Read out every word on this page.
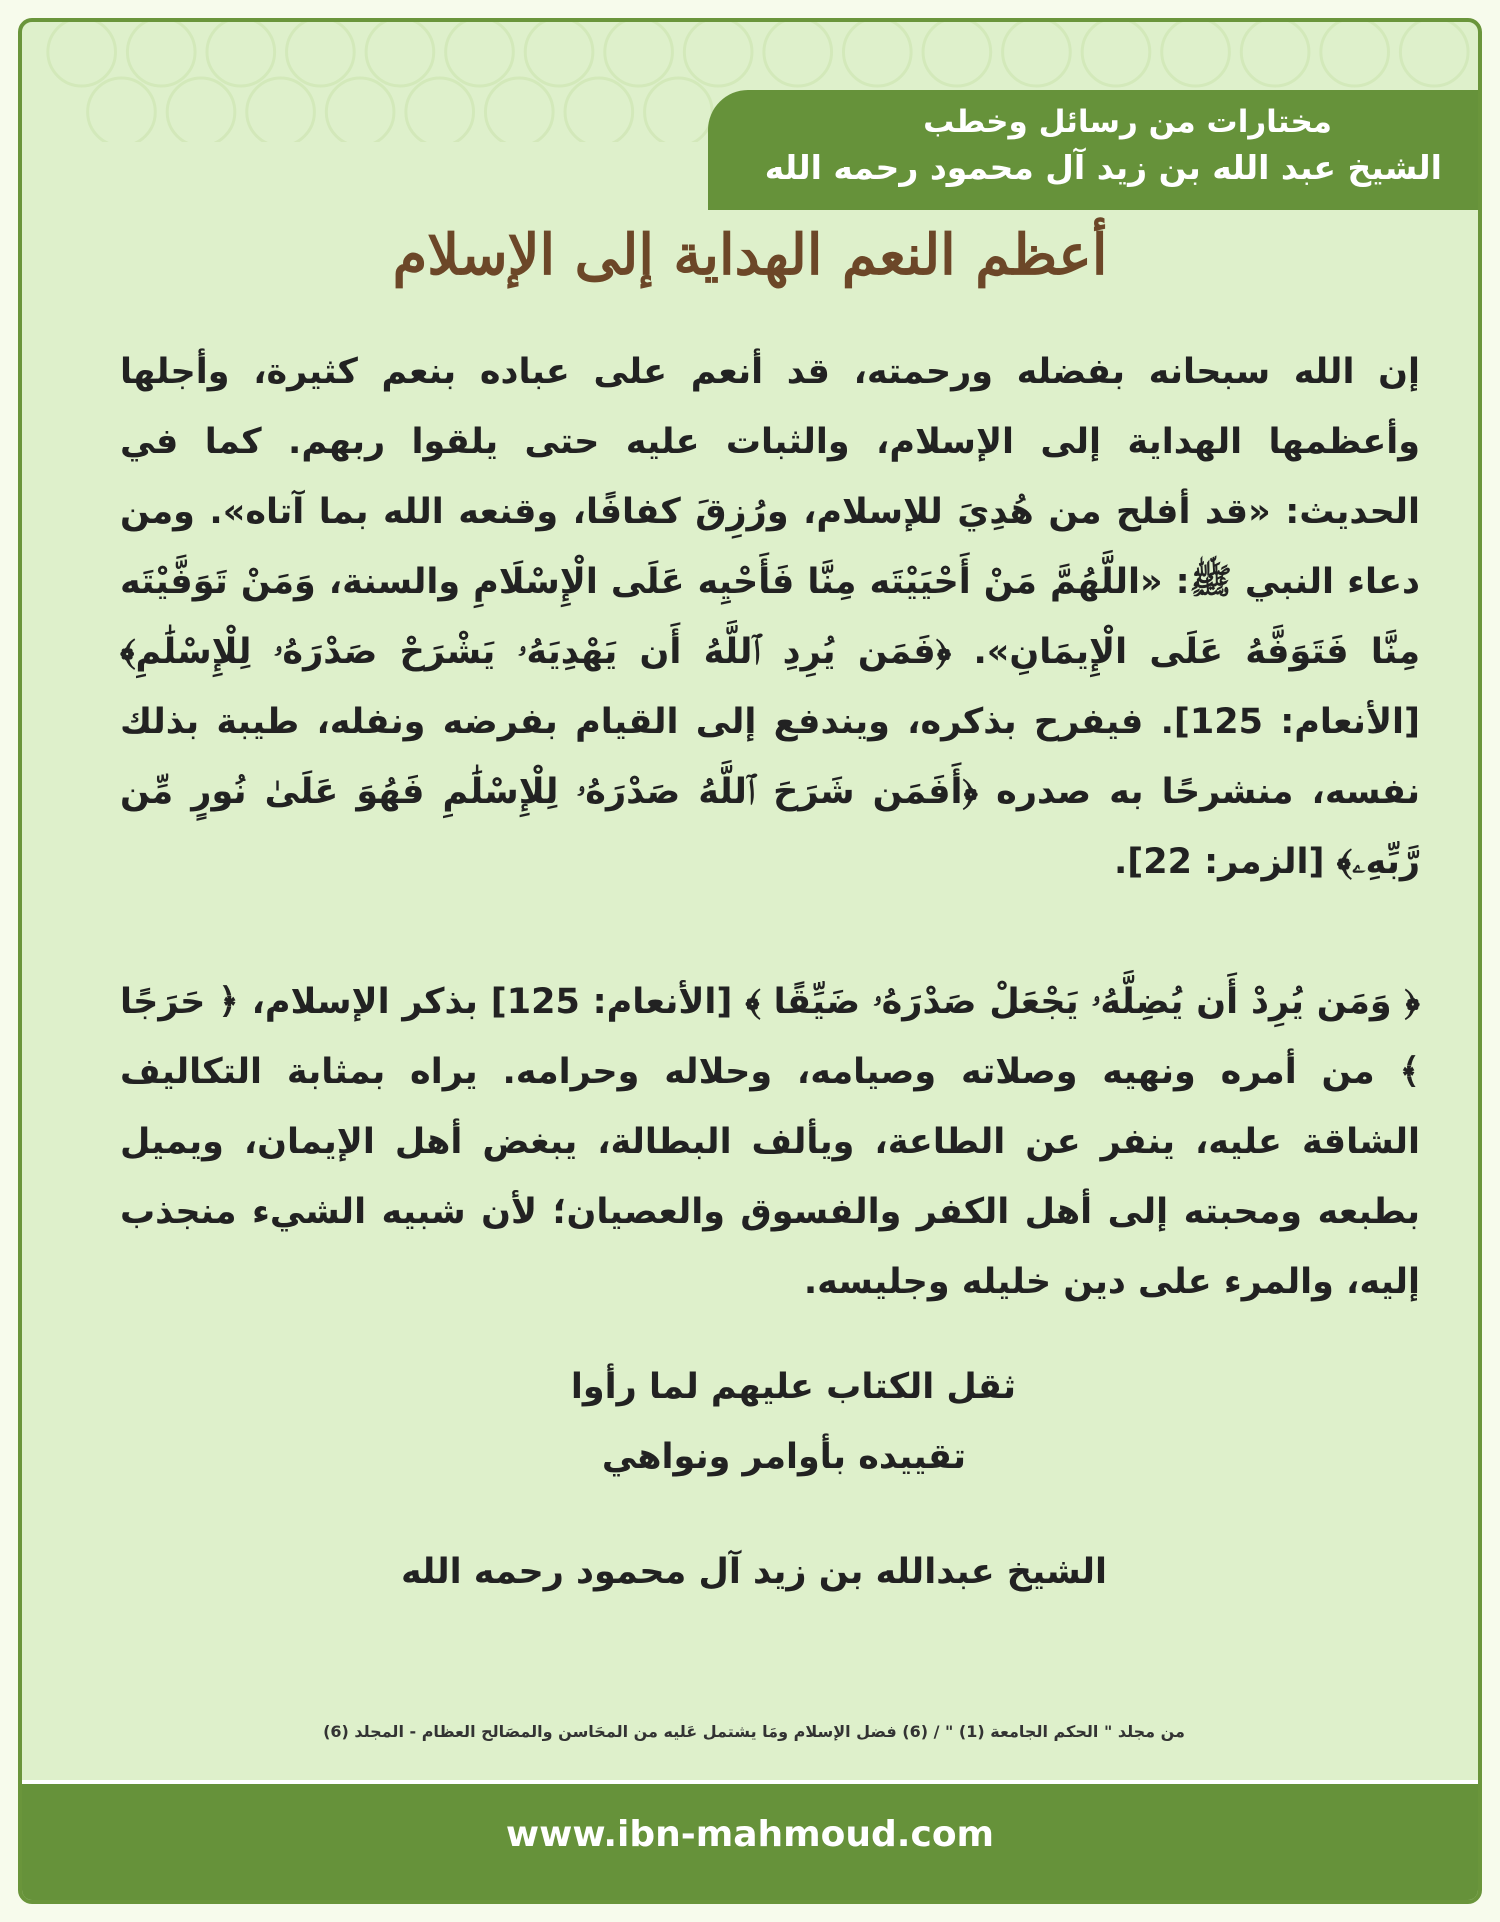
مختارات من رسائل وخطب
الشيخ عبد الله بن زيد آل محمود رحمه الله
أعظم النعم الهداية إلى الإسلام

إن الله سبحانه بفضله ورحمته، قد أنعم على عباده بنعم كثيرة، وأجلها وأعظمها الهداية إلى الإسلام، والثبات عليه حتى يلقوا ربهم. كما في الحديث: «قد أفلح من هُدِيَ للإسلام، ورُزِقَ كفافًا، وقنعه الله بما آتاه». ومن دعاء النبي ﷺ: «اللَّهُمَّ مَنْ أَحْيَيْتَه مِنَّا فَأَحْيِه عَلَى الْإِسْلَامِ والسنة، وَمَنْ تَوَفَّيْتَه مِنَّا فَتَوَفَّهُ عَلَى الْإِيمَانِ». ﴿فَمَن يُرِدِ ٱللَّهُ أَن يَهْدِيَهُۥ يَشْرَحْ صَدْرَهُۥ لِلْإِسْلَٰمِ﴾ [الأنعام: 125]. فيفرح بذكره، ويندفع إلى القيام بفرضه ونفله، طيبة بذلك نفسه، منشرحًا به صدره ﴿أَفَمَن شَرَحَ ٱللَّهُ صَدْرَهُۥ لِلْإِسْلَٰمِ فَهُوَ عَلَىٰ نُورٍ مِّن رَّبِّهِۦ﴾ [الزمر: 22].

﴿ وَمَن يُرِدْ أَن يُضِلَّهُۥ يَجْعَلْ صَدْرَهُۥ ضَيِّقًا ﴾ [الأنعام: 125] بذكر الإسلام، ﴿ حَرَجًا ﴾ من أمره ونهيه وصلاته وصيامه، وحلاله وحرامه. يراه بمثابة التكاليف الشاقة عليه، ينفر عن الطاعة، ويألف البطالة، يبغض أهل الإيمان، ويميل بطبعه ومحبته إلى أهل الكفر والفسوق والعصيان؛ لأن شبيه الشيء منجذب إليه، والمرء على دين خليله وجليسه.

ثقل الكتاب عليهم لما رأوا
تقييده بأوامر ونواهي
الشيخ عبدالله بن زيد آل محمود رحمه الله
من مجلد " الحكم الجامعة (1) " / (6) فضل الإسلام ومَا يشتمل عَليه من المحَاسن والمصَالح العظام - المجلد (6)
www.ibn-mahmoud.com
